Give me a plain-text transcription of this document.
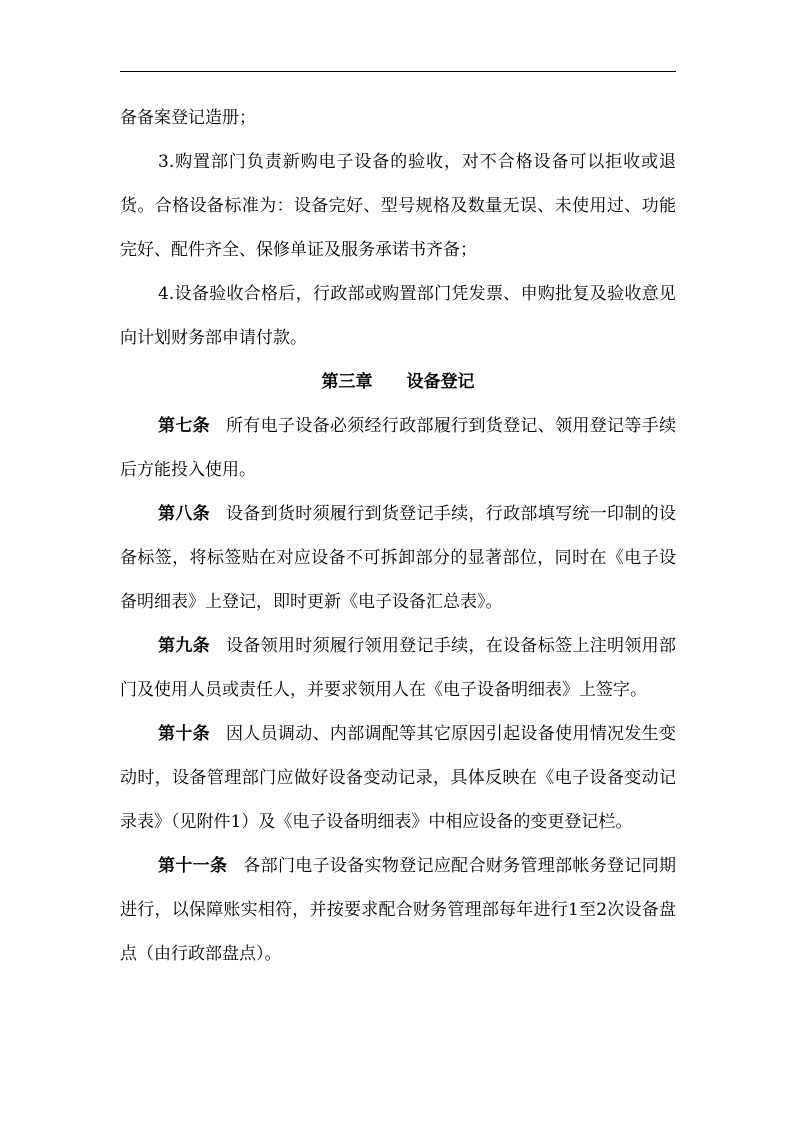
备备案登记造册；

3.购置部门负责新购电子设备的验收，对不合格设备可以拒收或退货。合格设备标准为：设备完好、型号规格及数量无误、未使用过、功能完好、配件齐全、保修单证及服务承诺书齐备；

4.设备验收合格后，行政部或购置部门凭发票、申购批复及验收意见向计划财务部申请付款。

第三章 设备登记

第七条 所有电子设备必须经行政部履行到货登记、领用登记等手续后方能投入使用。

第八条 设备到货时须履行到货登记手续，行政部填写统一印制的设备标签，将标签贴在对应设备不可拆卸部分的显著部位，同时在《电子设备明细表》上登记，即时更新《电子设备汇总表》。

第九条 设备领用时须履行领用登记手续，在设备标签上注明领用部门及使用人员或责任人，并要求领用人在《电子设备明细表》上签字。

第十条 因人员调动、内部调配等其它原因引起设备使用情况发生变动时，设备管理部门应做好设备变动记录，具体反映在《电子设备变动记录表》（见附件1）及《电子设备明细表》中相应设备的变更登记栏。

第十一条 各部门电子设备实物登记应配合财务管理部帐务登记同期进行，以保障账实相符，并按要求配合财务管理部每年进行1至2次设备盘点（由行政部盘点）。
